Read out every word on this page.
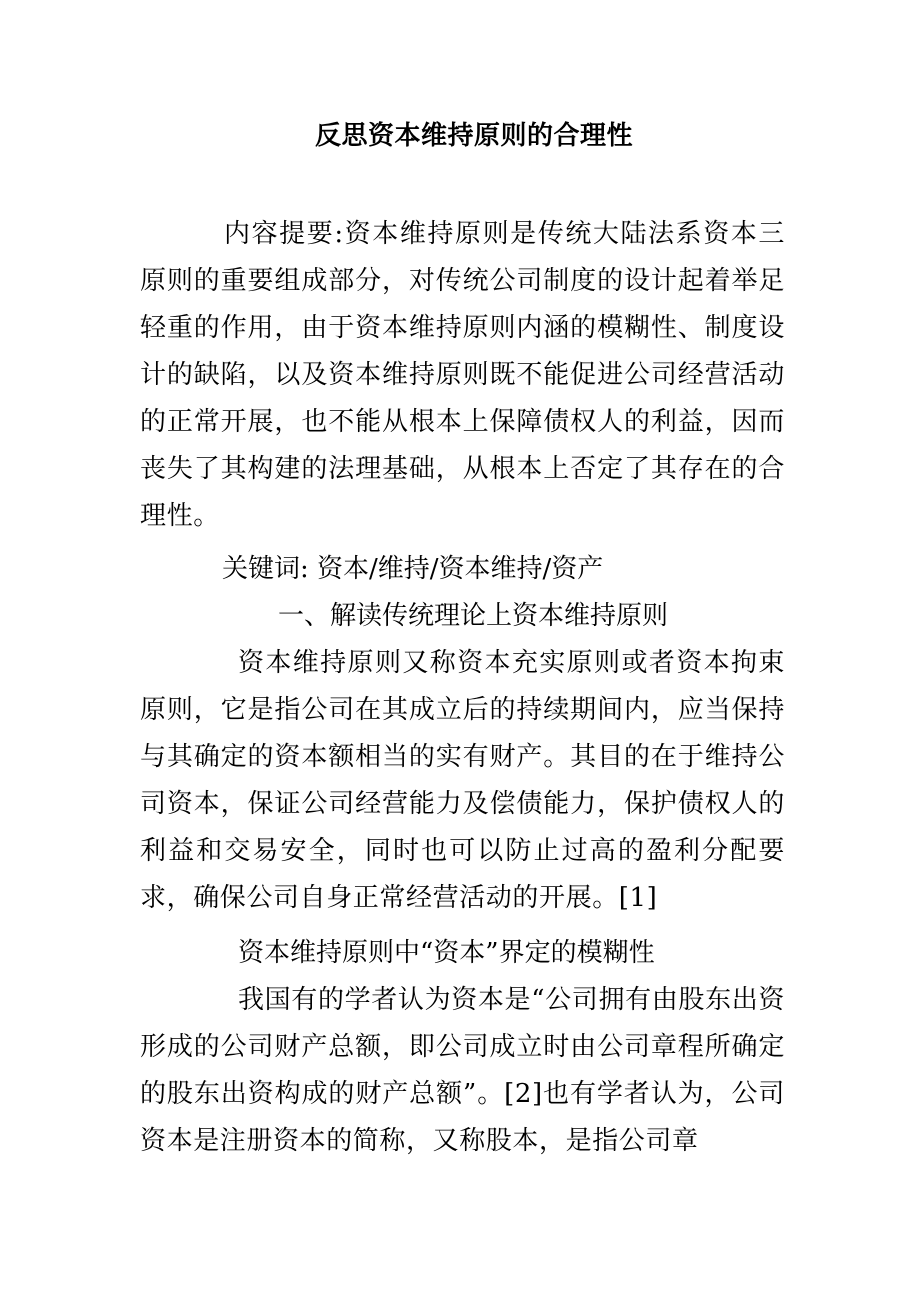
反思资本维持原则的合理性
内容提要:资本维持原则是传统大陆法系资本三原则的重要组成部分，对传统公司制度的设计起着举足轻重的作用，由于资本维持原则内涵的模糊性、制度设计的缺陷，以及资本维持原则既不能促进公司经营活动的正常开展，也不能从根本上保障债权人的利益，因而丧失了其构建的法理基础，从根本上否定了其存在的合理性。
关键词: 资本/维持/资本维持/资产
一、解读传统理论上资本维持原则
资本维持原则又称资本充实原则或者资本拘束原则，它是指公司在其成立后的持续期间内，应当保持与其确定的资本额相当的实有财产。其目的在于维持公司资本，保证公司经营能力及偿债能力，保护债权人的利益和交易安全，同时也可以防止过高的盈利分配要求，确保公司自身正常经营活动的开展。[1]
资本维持原则中“资本”界定的模糊性
我国有的学者认为资本是“公司拥有由股东出资形成的公司财产总额，即公司成立时由公司章程所确定的股东出资构成的财产总额”。[2]也有学者认为，公司资本是注册资本的简称，又称股本，是指公司章
